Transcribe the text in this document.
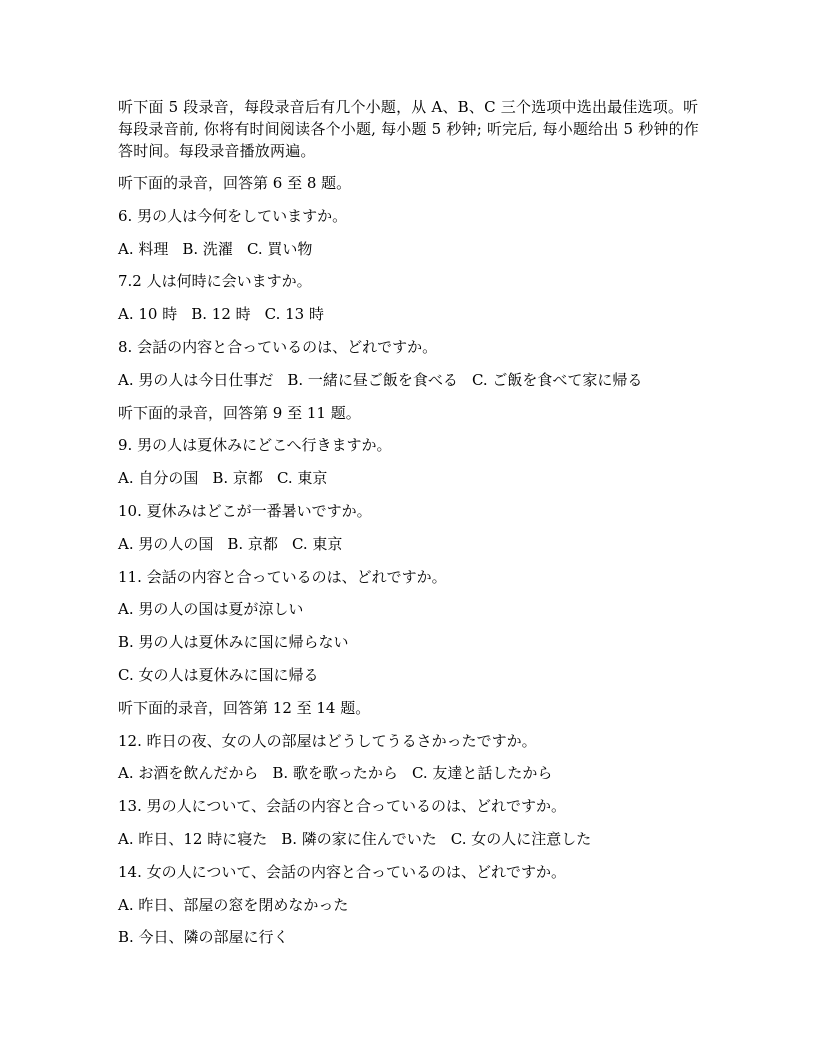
听下面 5 段录音，每段录音后有几个小题，从 A、B、C 三个选项中选出最佳选项。听每段录音前, 你将有时间阅读各个小题, 每小题 5 秒钟; 听完后, 每小题给出 5 秒钟的作答时间。每段录音播放两遍。

听下面的录音，回答第 6 至 8 题。
6. 男の人は今何をしていますか。
A. 料理 B. 洗濯 C. 買い物
7.2 人は何時に会いますか。
A. 10 時 B. 12 時 C. 13 時
8. 会話の内容と合っているのは、どれですか。
A. 男の人は今日仕事だ B. 一緒に昼ご飯を食べる C. ご飯を食べて家に帰る
听下面的录音，回答第 9 至 11 题。
9. 男の人は夏休みにどこへ行きますか。
A. 自分の国 B. 京都 C. 東京
10. 夏休みはどこが一番暑いですか。
A. 男の人の国 B. 京都 C. 東京
11. 会話の内容と合っているのは、どれですか。
A. 男の人の国は夏が涼しい
B. 男の人は夏休みに国に帰らない
C. 女の人は夏休みに国に帰る
听下面的录音，回答第 12 至 14 题。
12. 昨日の夜、女の人の部屋はどうしてうるさかったですか。
A. お酒を飲んだから B. 歌を歌ったから C. 友達と話したから
13. 男の人について、会話の内容と合っているのは、どれですか。
A. 昨日、12 時に寝た B. 隣の家に住んでいた C. 女の人に注意した
14. 女の人について、会話の内容と合っているのは、どれですか。
A. 昨日、部屋の窓を閉めなかった
B. 今日、隣の部屋に行く
